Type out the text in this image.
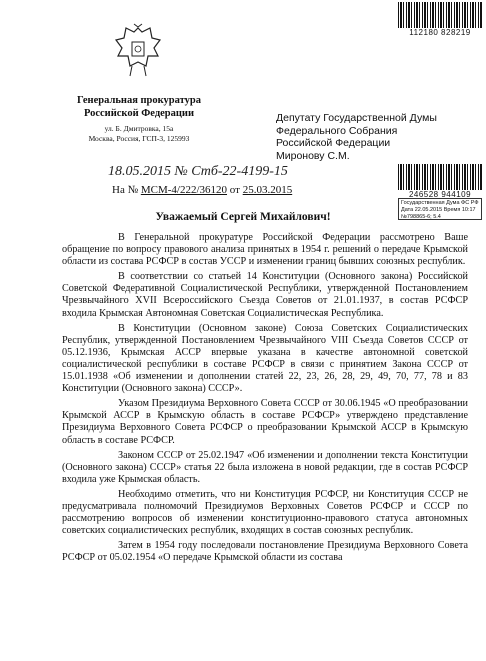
112180 828219
246528 944109
Государственная Дума ФС РФ
Дата 22.05.2015 Время 10:17
№798865-6; 5.4
Генеральная прокуратура
Российской Федерации
ул. Б. Дмитровка, 15а
Москва, Россия, ГСП-3, 125993
Депутату Государственной Думы
Федерального Собрания
Российской Федерации
Миронову С.М.
18.05.2015 № Стб-22-4199-15
На № МСМ-4/222/36120 от 25.03.2015
Уважаемый Сергей Михайлович!

В Генеральной прокуратуре Российской Федерации рассмотрено Ваше обращение по вопросу правового анализа принятых в 1954 г. решений о передаче Крымской области из состава РСФСР в состав УССР и изменении границ бывших союзных республик.

В соответствии со статьей 14 Конституции (Основного закона) Российской Советской Федеративной Социалистической Республики, утвержденной Постановлением Чрезвычайного XVII Всероссийского Съезда Советов от 21.01.1937, в состав РСФСР входила Крымская Автономная Советская Социалистическая Республика.

В Конституции (Основном законе) Союза Советских Социалистических Республик, утвержденной Постановлением Чрезвычайного VIII Съезда Советов СССР от 05.12.1936, Крымская АССР впервые указана в качестве автономной советской социалистической республики в составе РСФСР в связи с принятием Закона СССР от 15.01.1938 «Об изменении и дополнении статей 22, 23, 26, 28, 29, 49, 70, 77, 78 и 83 Конституции (Основного закона) СССР».

Указом Президиума Верховного Совета СССР от 30.06.1945 «О преобразовании Крымской АССР в Крымскую область в составе РСФСР» утверждено представление Президиума Верховного Совета РСФСР о преобразовании Крымской АССР в Крымскую область в составе РСФСР.

Законом СССР от 25.02.1947 «Об изменении и дополнении текста Конституции (Основного закона) СССР» статья 22 была изложена в новой редакции, где в состав РСФСР входила уже Крымская область.

Необходимо отметить, что ни Конституция РСФСР, ни Конституция СССР не предусматривала полномочий Президиумов Верховных Советов РСФСР и СССР по рассмотрению вопросов об изменении конституционно-правового статуса автономных советских социалистических республик, входящих в состав союзных республик.

Затем в 1954 году последовали постановление Президиума Верховного Совета РСФСР от 05.02.1954 «О передаче Крымской области из состава
